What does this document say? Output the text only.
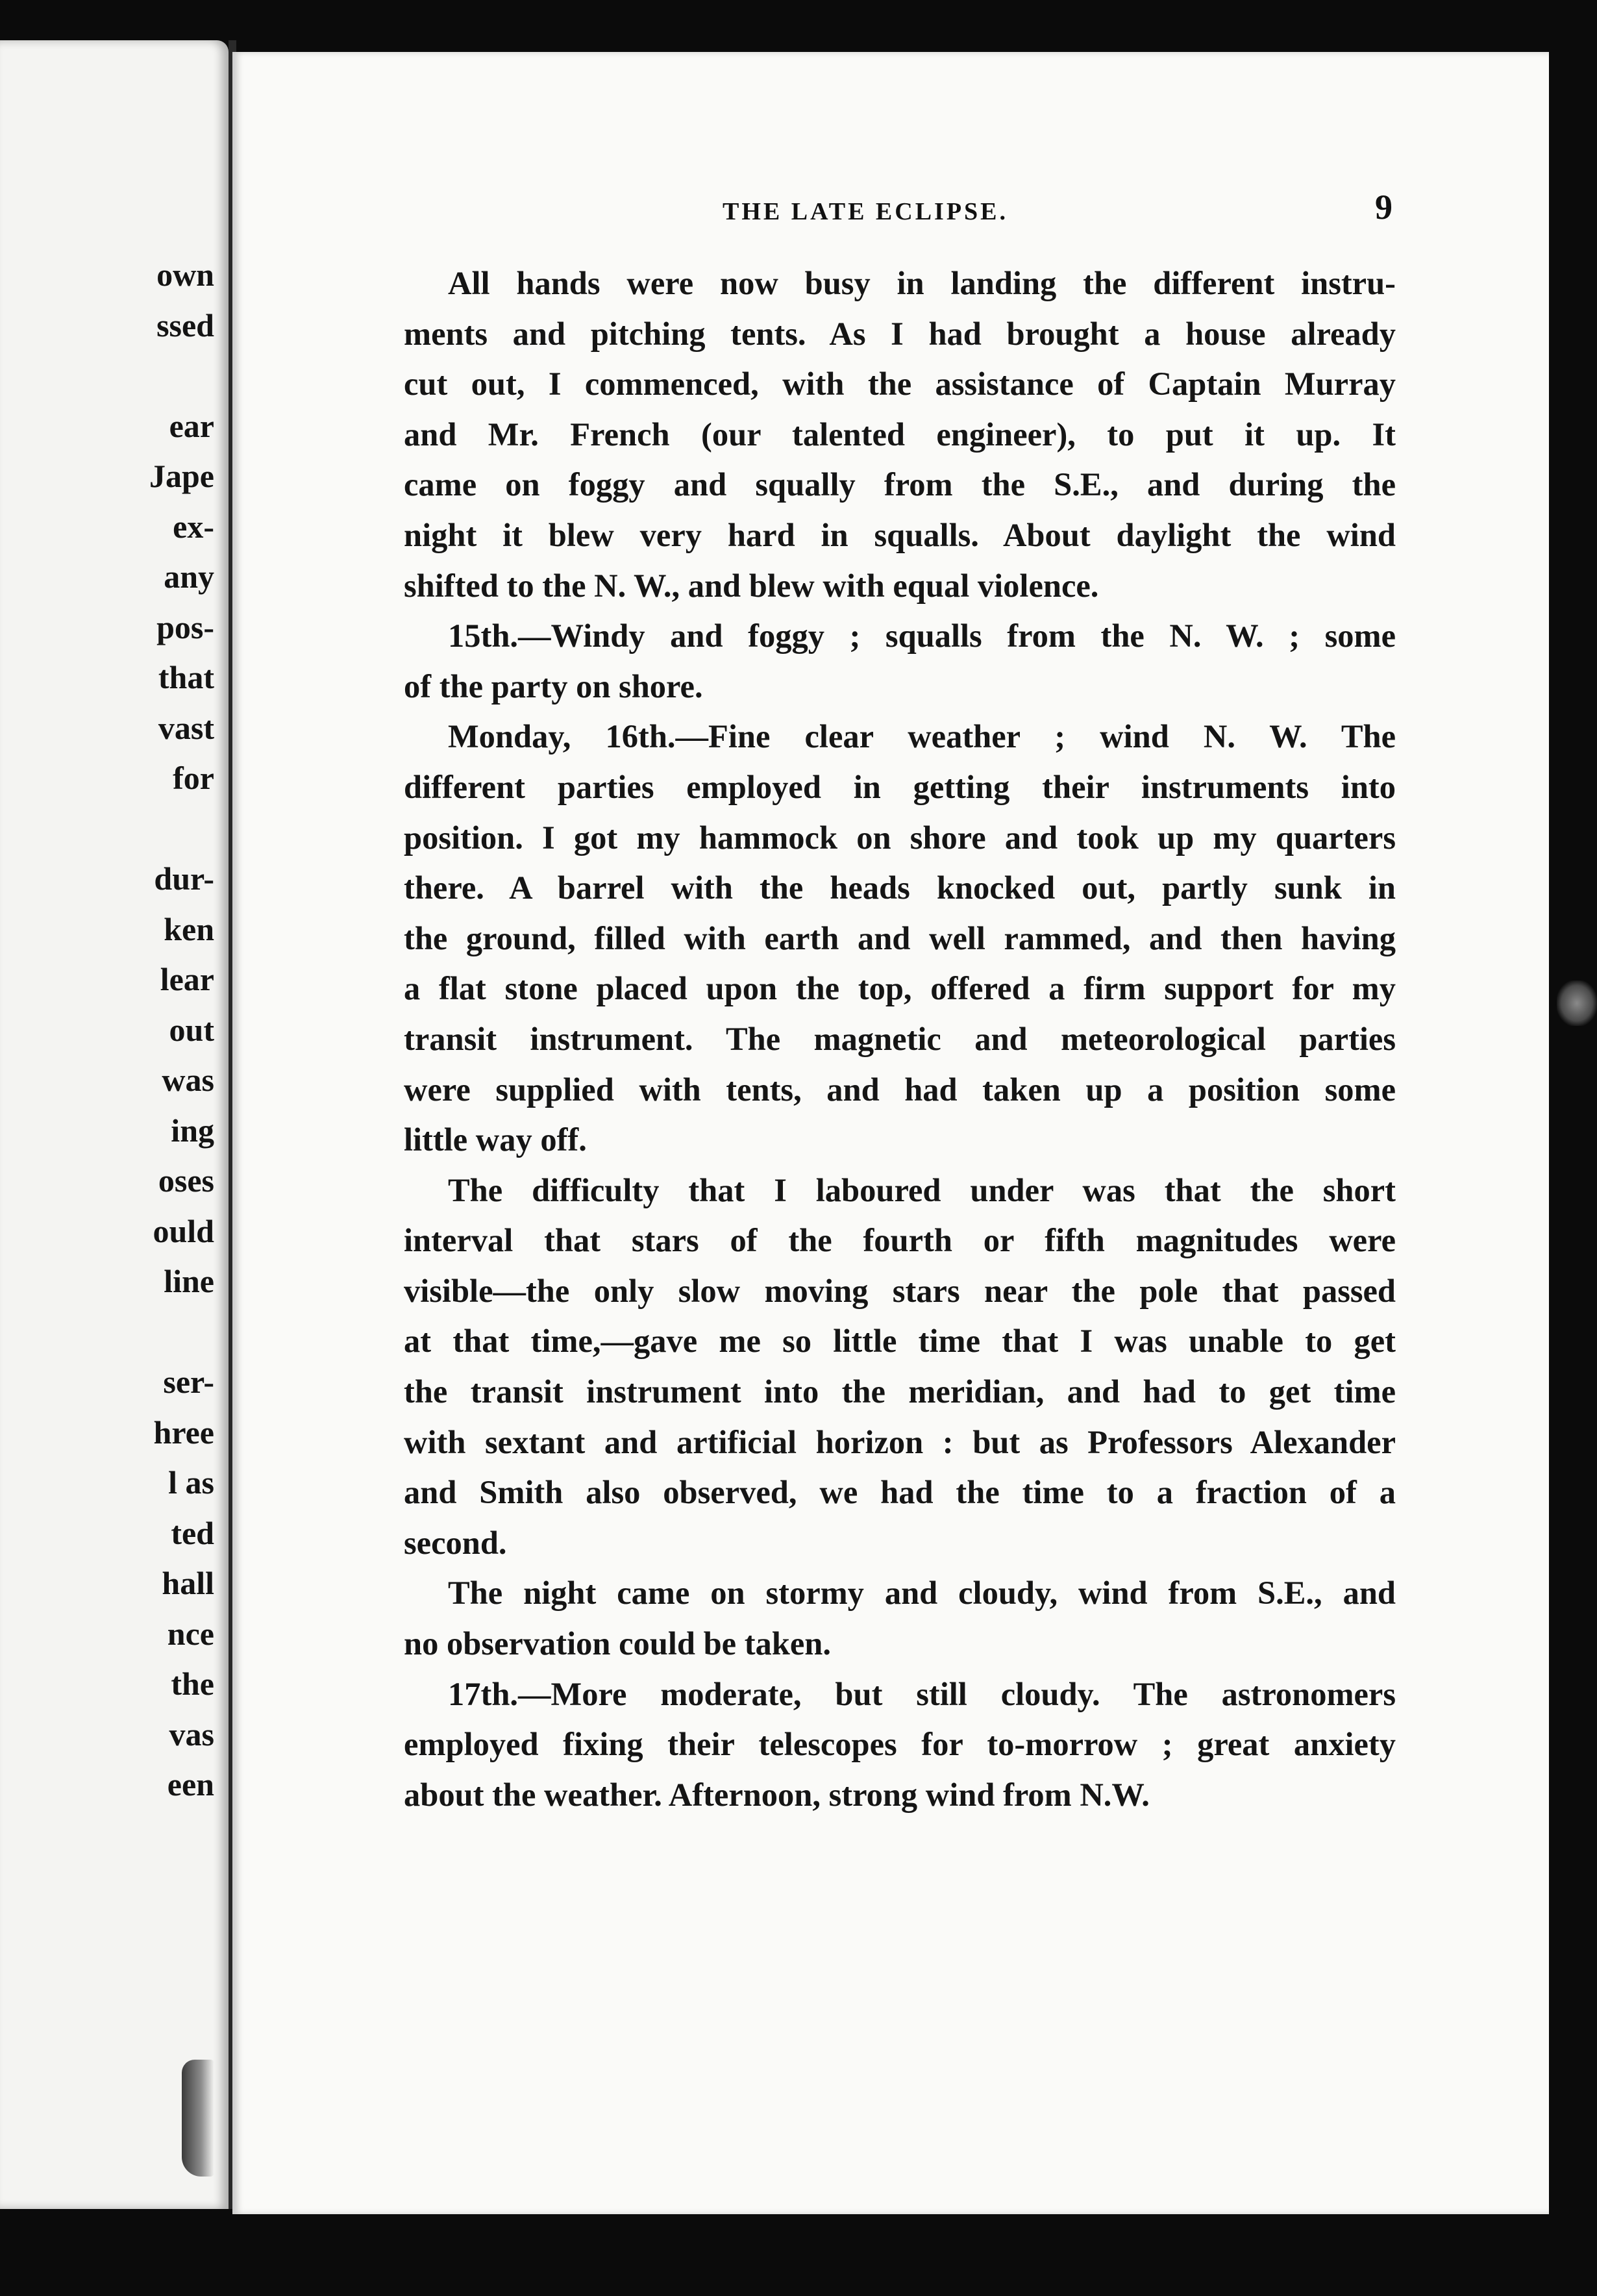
own
ssed
ear
Jape
ex-
any
pos-
that
vast
for
dur-
ken
lear
out
was
ing
oses
ould
line
ser-
hree
l as
ted
hall
nce
the
vas
een
THE LATE ECLIPSE.	9
All hands were now busy in landing the different instru-
ments and pitching tents. As I had brought a house already
cut out, I commenced, with the assistance of Captain Murray
and Mr. French (our talented engineer), to put it up. It
came on foggy and squally from the S.E., and during the
night it blew very hard in squalls. About daylight the wind
shifted to the N. W., and blew with equal violence.
15th.—Windy and foggy ; squalls from the N. W. ; some
of the party on shore.
Monday, 16th.—Fine clear weather ; wind N. W. The
different parties employed in getting their instruments into
position. I got my hammock on shore and took up my quarters
there. A barrel with the heads knocked out, partly sunk in
the ground, filled with earth and well rammed, and then having
a flat stone placed upon the top, offered a firm support for my
transit instrument. The magnetic and meteorological parties
were supplied with tents, and had taken up a position some
little way off.
The difficulty that I laboured under was that the short
interval that stars of the fourth or fifth magnitudes were
visible—the only slow moving stars near the pole that passed
at that time,—gave me so little time that I was unable to get
the transit instrument into the meridian, and had to get time
with sextant and artificial horizon : but as Professors Alexander
and Smith also observed, we had the time to a fraction of a
second.
The night came on stormy and cloudy, wind from S.E., and
no observation could be taken.
17th.—More moderate, but still cloudy. The astronomers
employed fixing their telescopes for to-morrow ; great anxiety
about the weather. Afternoon, strong wind from N.W.
